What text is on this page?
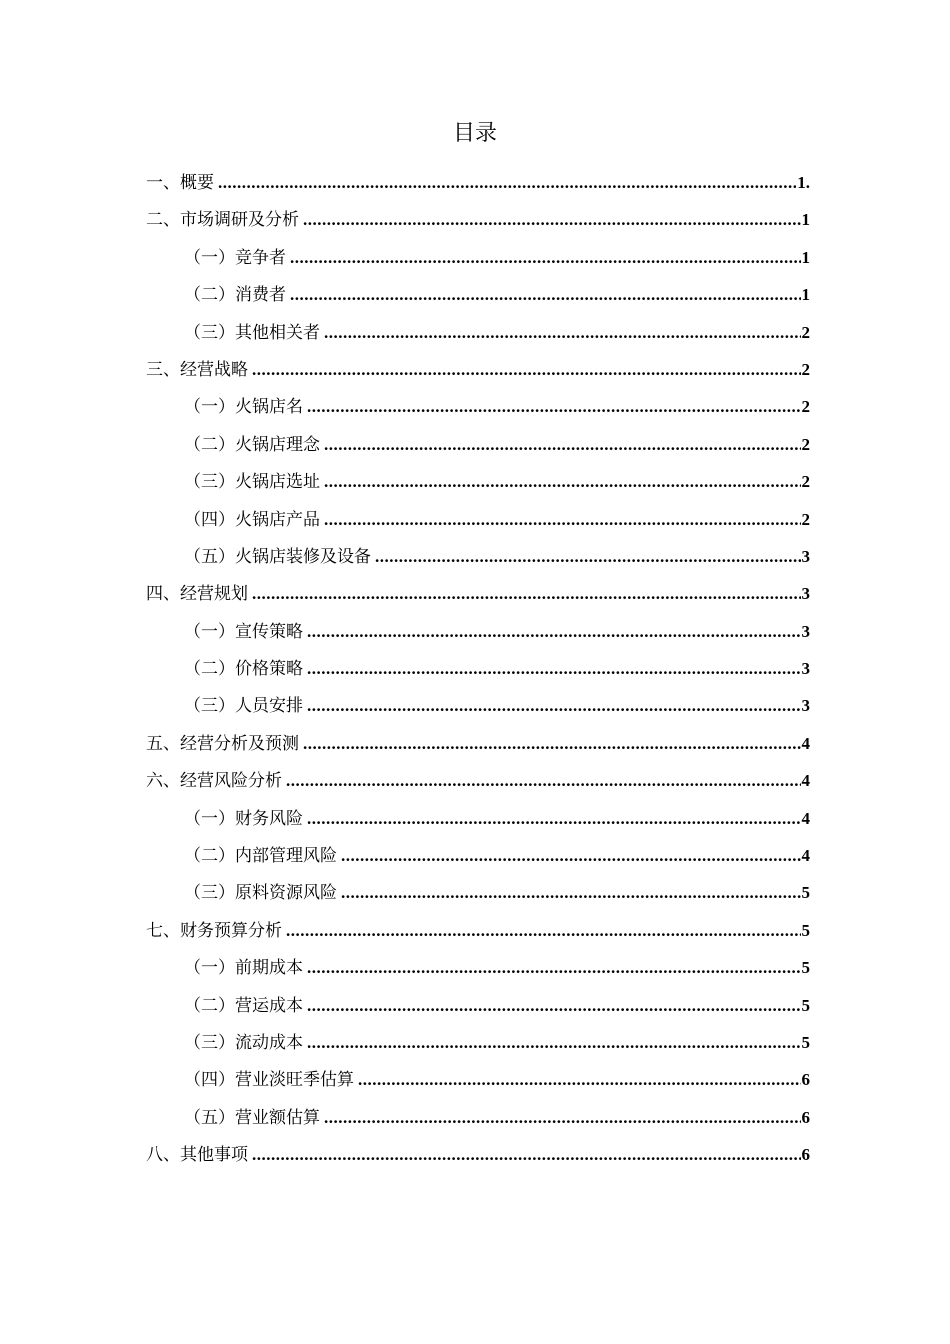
目录
一、概要 .....	1.
二、市场调研及分析 .....	1
（一）竞争者 .....	1
（二）消费者 .....	1
（三）其他相关者 .....	2
三、经营战略 .....	2
（一）火锅店名 .....	2
（二）火锅店理念 .....	2
（三）火锅店选址 .....	2
（四）火锅店产品 .....	2
（五）火锅店装修及设备 .....	3
四、经营规划 .....	3
（一）宣传策略 .....	3
（二）价格策略 .....	3
（三）人员安排 .....	3
五、经营分析及预测 .....	4
六、经营风险分析 .....	4
（一）财务风险 .....	4
（二）内部管理风险 .....	4
（三）原料资源风险 .....	5
七、财务预算分析 .....	5
（一）前期成本 .....	5
（二）营运成本 .....	5
（三）流动成本 .....	5
（四）营业淡旺季估算 .....	6
（五）营业额估算 .....	6
八、其他事项 .....	6
